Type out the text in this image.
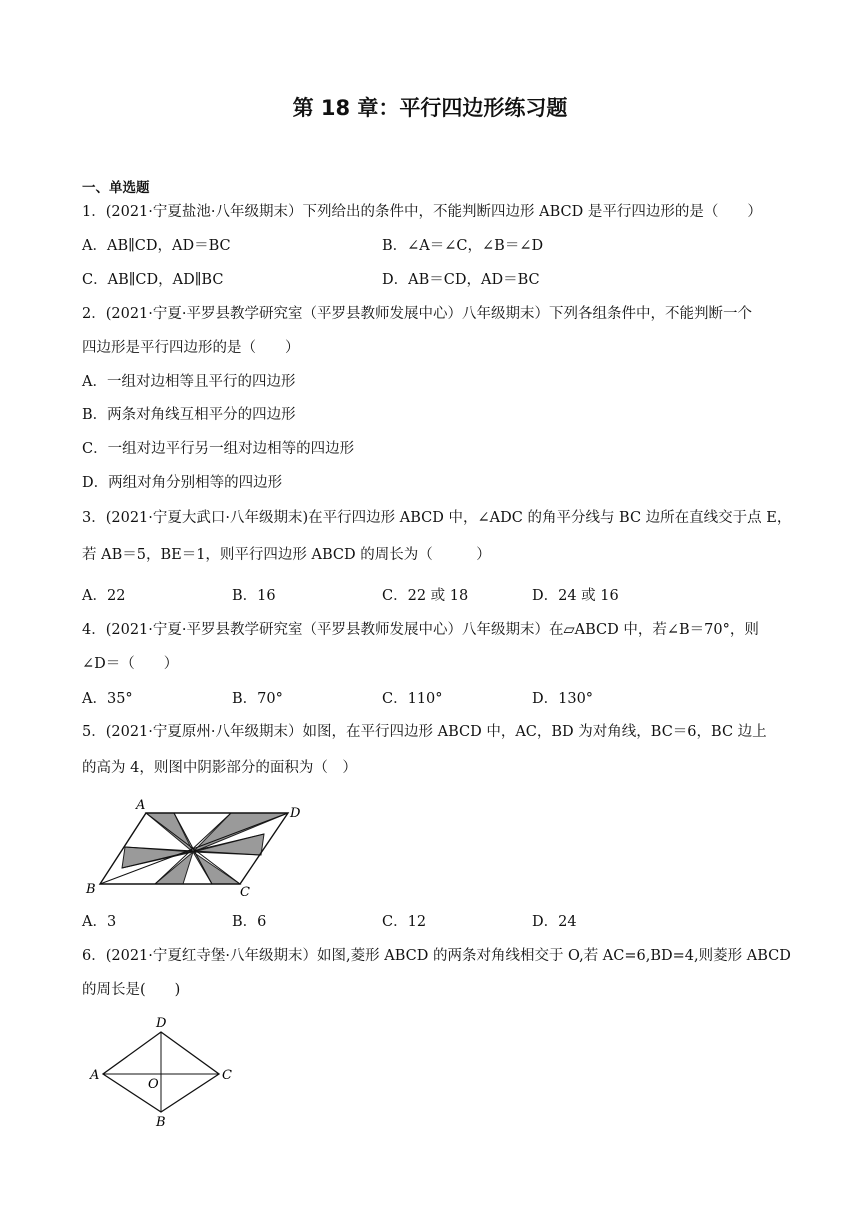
第 18 章：平行四边形练习题
一、单选题
1．(2021·宁夏盐池·八年级期末）下列给出的条件中，不能判断四边形 ABCD 是平行四边形的是（　　）
A．AB∥CD，AD＝BC	B．∠A＝∠C，∠B＝∠D
C．AB∥CD，AD∥BC	D．AB＝CD，AD＝BC
2．(2021·宁夏·平罗县教学研究室（平罗县教师发展中心）八年级期末）下列各组条件中，不能判断一个
四边形是平行四边形的是（　　）
A．一组对边相等且平行的四边形
B．两条对角线互相平分的四边形
C．一组对边平行另一组对边相等的四边形
D．两组对角分别相等的四边形
3．(2021·宁夏大武口·八年级期末)在平行四边形 ABCD 中，∠ADC 的角平分线与 BC 边所在直线交于点 E，
若 AB＝5，BE＝1，则平行四边形 ABCD 的周长为（　　　）
A．22	B．16	C．22 或 18	D．24 或 16
4．(2021·宁夏·平罗县教学研究室（平罗县教师发展中心）八年级期末）在▱ABCD 中，若∠B＝70°，则
∠D＝（　　）
A．35°	B．70°	C．110°	D．130°
5．(2021·宁夏原州·八年级期末）如图，在平行四边形 ABCD 中，AC，BD 为对角线，BC＝6，BC 边上
的高为 4，则图中阴影部分的面积为（　）
A
B	C
D
A．3	B．6	C．12	D．24
6．(2021·宁夏红寺堡·八年级期末）如图,菱形 ABCD 的两条对角线相交于 O,若 AC=6,BD=4,则菱形 ABCD
的周长是(　　)
A
B
C
D
O
